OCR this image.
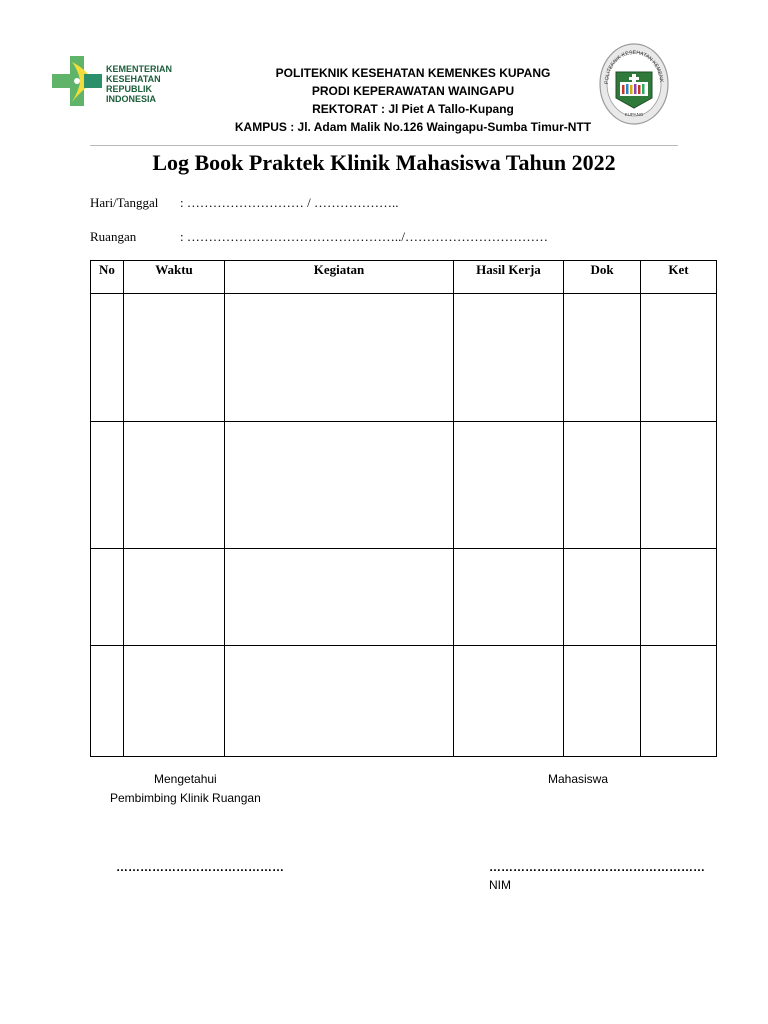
KEMENTERIAN
KESEHATAN
REPUBLIK
INDONESIA
POLITEKNIK KESEHATAN KEMENK
KUPANG
POLITEKNIK KESEHATAN KEMENKES KUPANG
PRODI KEPERAWATAN WAINGAPU
REKTORAT : Jl Piet A Tallo-Kupang
KAMPUS : Jl. Adam Malik No.126 Waingapu-Sumba Timur-NTT
Log Book Praktek Klinik Mahasiswa Tahun 2022
Hari/Tanggal : ……………………… / ………………..
Ruangan	: …………………………………………../……………………………
No	Waktu	Kegiatan	Hasil Kerja	Dok	Ket

Mengetahui
Pembimbing Klinik Ruangan
Mahasiswa
……………………………………	………………………………………………
NIM
